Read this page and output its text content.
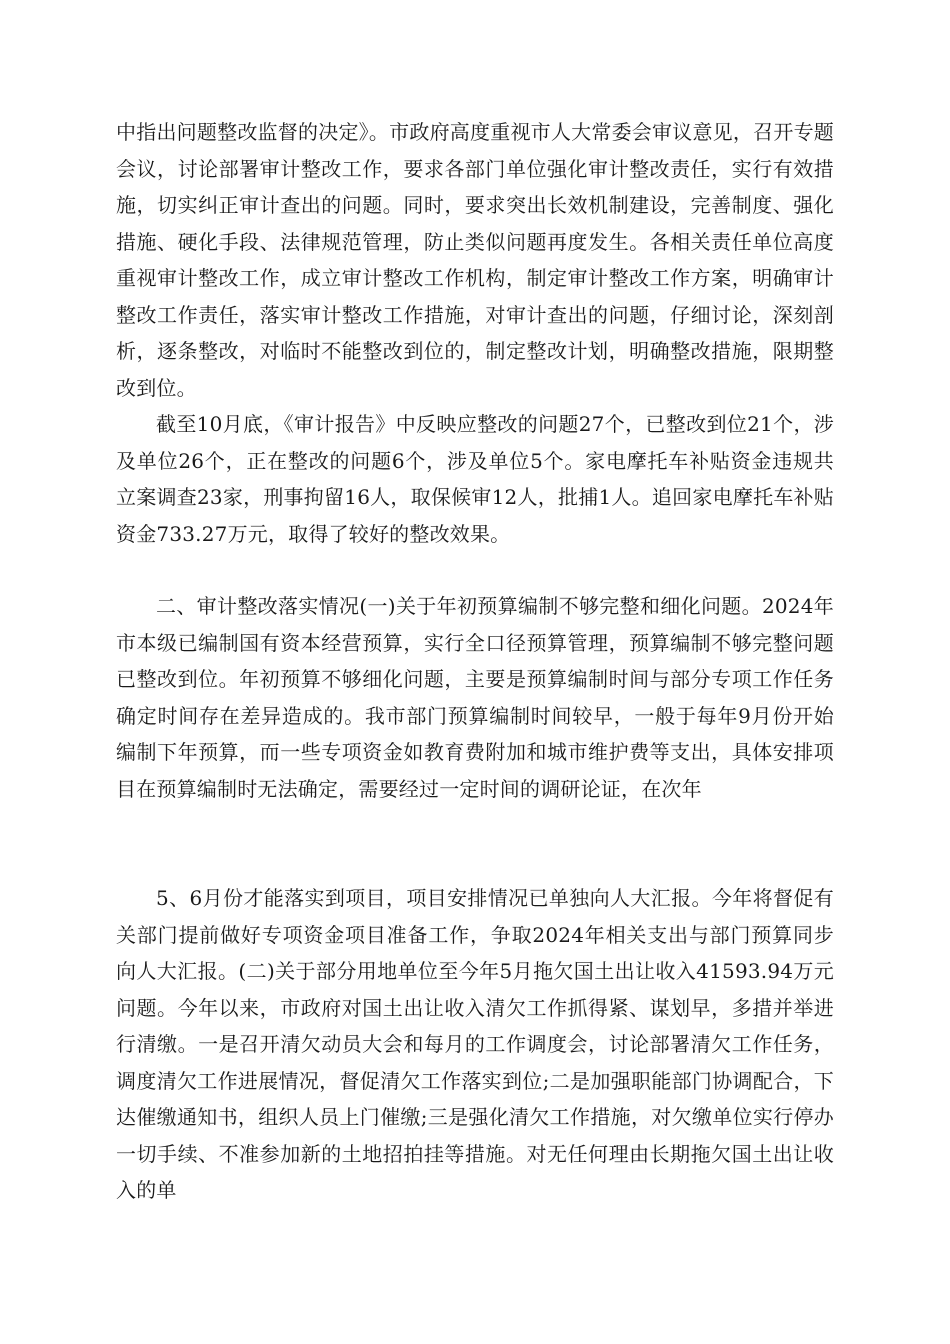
中指出问题整改监督的决定》。市政府高度重视市人大常委会审议意见，召开专题会议，讨论部署审计整改工作，要求各部门单位强化审计整改责任，实行有效措施，切实纠正审计查出的问题。同时，要求突出长效机制建设，完善制度、强化措施、硬化手段、法律规范管理，防止类似问题再度发生。各相关责任单位高度重视审计整改工作，成立审计整改工作机构，制定审计整改工作方案，明确审计整改工作责任，落实审计整改工作措施，对审计查出的问题，仔细讨论，深刻剖析，逐条整改，对临时不能整改到位的，制定整改计划，明确整改措施，限期整改到位。

截至10月底，《审计报告》中反映应整改的问题27个，已整改到位21个，涉及单位26个，正在整改的问题6个，涉及单位5个。家电摩托车补贴资金违规共立案调查23家，刑事拘留16人，取保候审12人，批捕1人。追回家电摩托车补贴资金733.27万元，取得了较好的整改效果。

二、审计整改落实情况(一)关于年初预算编制不够完整和细化问题。2024年市本级已编制国有资本经营预算，实行全口径预算管理，预算编制不够完整问题已整改到位。年初预算不够细化问题，主要是预算编制时间与部分专项工作任务确定时间存在差异造成的。我市部门预算编制时间较早，一般于每年9月份开始编制下年预算，而一些专项资金如教育费附加和城市维护费等支出，具体安排项目在预算编制时无法确定，需要经过一定时间的调研论证，在次年

5、6月份才能落实到项目，项目安排情况已单独向人大汇报。今年将督促有关部门提前做好专项资金项目准备工作，争取2024年相关支出与部门预算同步向人大汇报。(二)关于部分用地单位至今年5月拖欠国土出让收入41593.94万元问题。今年以来，市政府对国土出让收入清欠工作抓得紧、谋划早，多措并举进行清缴。一是召开清欠动员大会和每月的工作调度会，讨论部署清欠工作任务，调度清欠工作进展情况，督促清欠工作落实到位;二是加强职能部门协调配合，下达催缴通知书，组织人员上门催缴;三是强化清欠工作措施，对欠缴单位实行停办一切手续、不准参加新的土地招拍挂等措施。对无任何理由长期拖欠国土出让收入的单
